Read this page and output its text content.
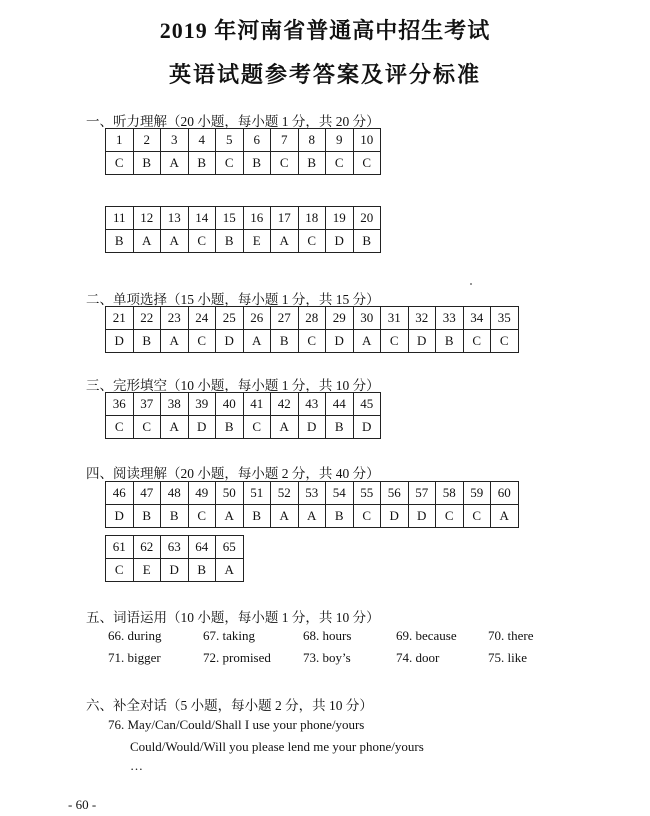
2019 年河南省普通高中招生考试
英语试题参考答案及评分标准
一、听力理解（20 小题，每小题 1 分，共 20 分）
1	2	3	4	5	6	7	8	9	10
C	B	A	B	C	B	C	B	C	C
11	12	13	14	15	16	17	18	19	20
B	A	A	C	B	E	A	C	D	B
二、单项选择（15 小题，每小题 1 分，共 15 分）
21	22	23	24	25	26	27	28	29	30	31	32	33	34	35
D	B	A	C	D	A	B	C	D	A	C	D	B	C	C
三、完形填空（10 小题，每小题 1 分，共 10 分）
36	37	38	39	40	41	42	43	44	45
C	C	A	D	B	C	A	D	B	D
四、阅读理解（20 小题，每小题 2 分，共 40 分）
46	47	48	49	50	51	52	53	54	55	56	57	58	59	60
D	B	B	C	A	B	A	A	B	C	D	D	C	C	A
61	62	63	64	65
C	E	D	B	A
五、词语运用（10 小题，每小题 1 分，共 10 分）
66. during	67. taking	68. hours	69. because 70. there
71. bigger	72. promised 73. boy’s	74. door	75. like
六、补全对话（5 小题，每小题 2 分，共 10 分）
76. May/Can/Could/Shall I use your phone/yours
Could/Would/Will you please lend me your phone/yours
…
- 60 -
